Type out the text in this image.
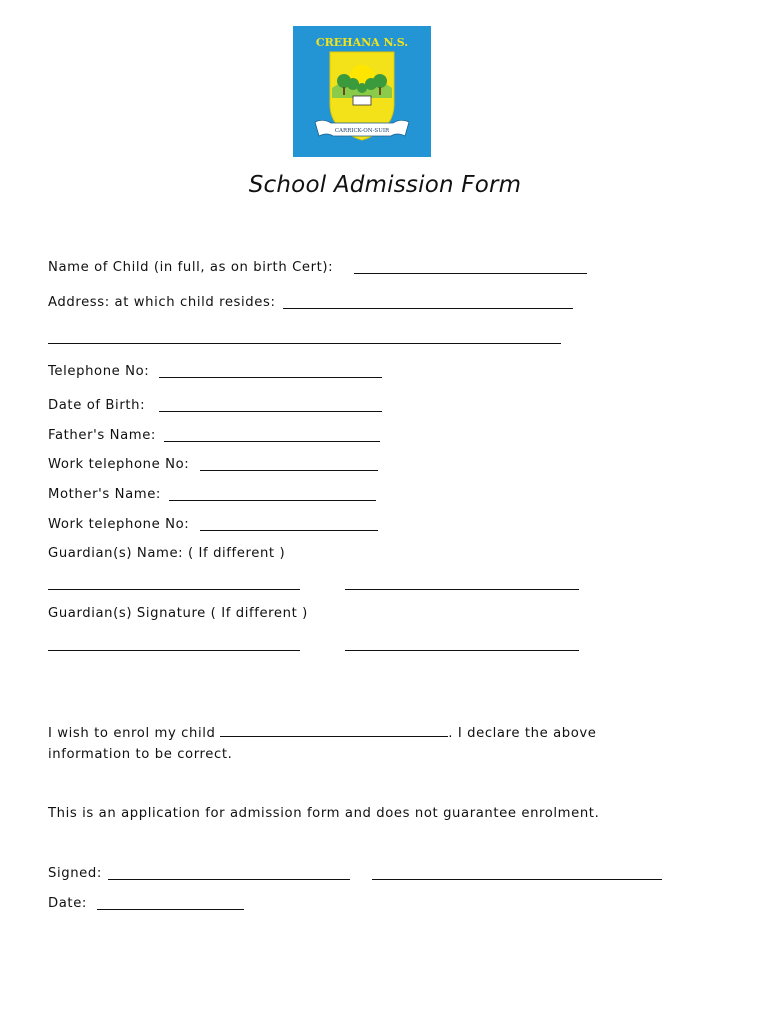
CREHANA N.S.
CARRICK-ON-SUIR
School Admission Form
Name of Child (in full, as on birth Cert):
Address: at which child resides:
Telephone No:
Date of Birth:
Father's Name:
Work telephone No:
Mother's Name:
Work telephone No:
Guardian(s) Name: ( If different )
Guardian(s) Signature ( If different )
I wish to enrol my child	. I declare the above
information to be correct.
This is an application for admission form and does not guarantee enrolment.
Signed:
Date:
